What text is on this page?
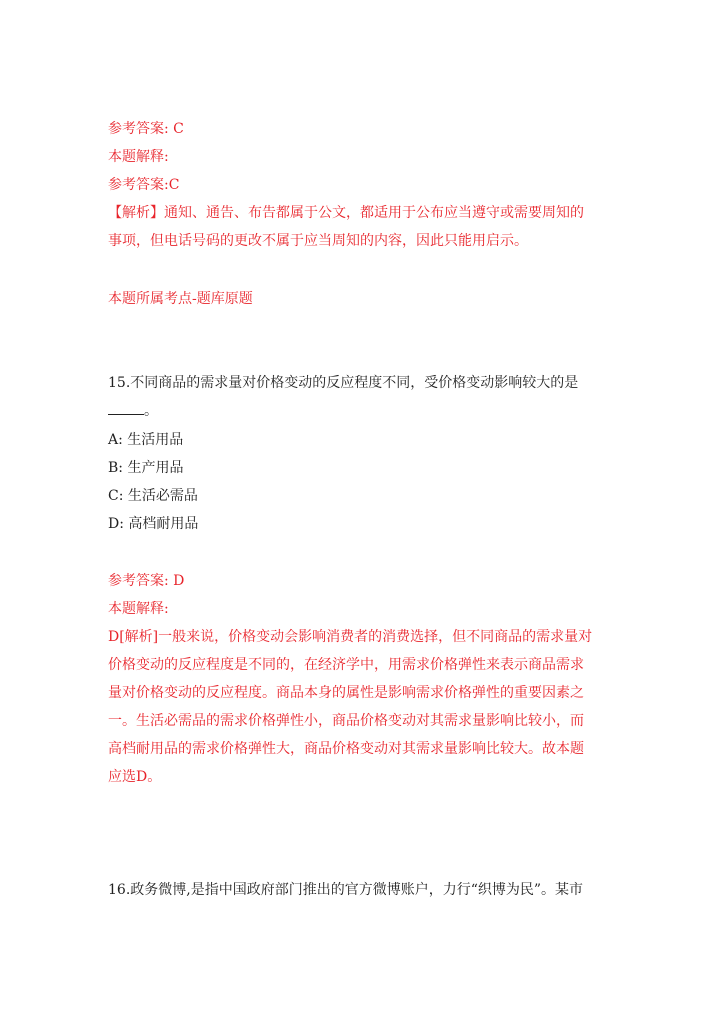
参考答案: C
本题解释:
参考答案:C
【解析】通知、通告、布告都属于公文，都适用于公布应当遵守或需要周知的
事项，但电话号码的更改不属于应当周知的内容，因此只能用启示。
本题所属考点-题库原题
15.不同商品的需求量对价格变动的反应程度不同，受价格变动影响较大的是
。
A: 生活用品
B: 生产用品
C: 生活必需品
D: 高档耐用品
参考答案: D
本题解释:
D[解析]一般来说，价格变动会影响消费者的消费选择，但不同商品的需求量对
价格变动的反应程度是不同的，在经济学中，用需求价格弹性来表示商品需求
量对价格变动的反应程度。商品本身的属性是影响需求价格弹性的重要因素之
一。生活必需品的需求价格弹性小，商品价格变动对其需求量影响比较小，而
高档耐用品的需求价格弹性大，商品价格变动对其需求量影响比较大。故本题
应选D。
16.政务微博,是指中国政府部门推出的官方微博账户，力行“织博为民”。某市
